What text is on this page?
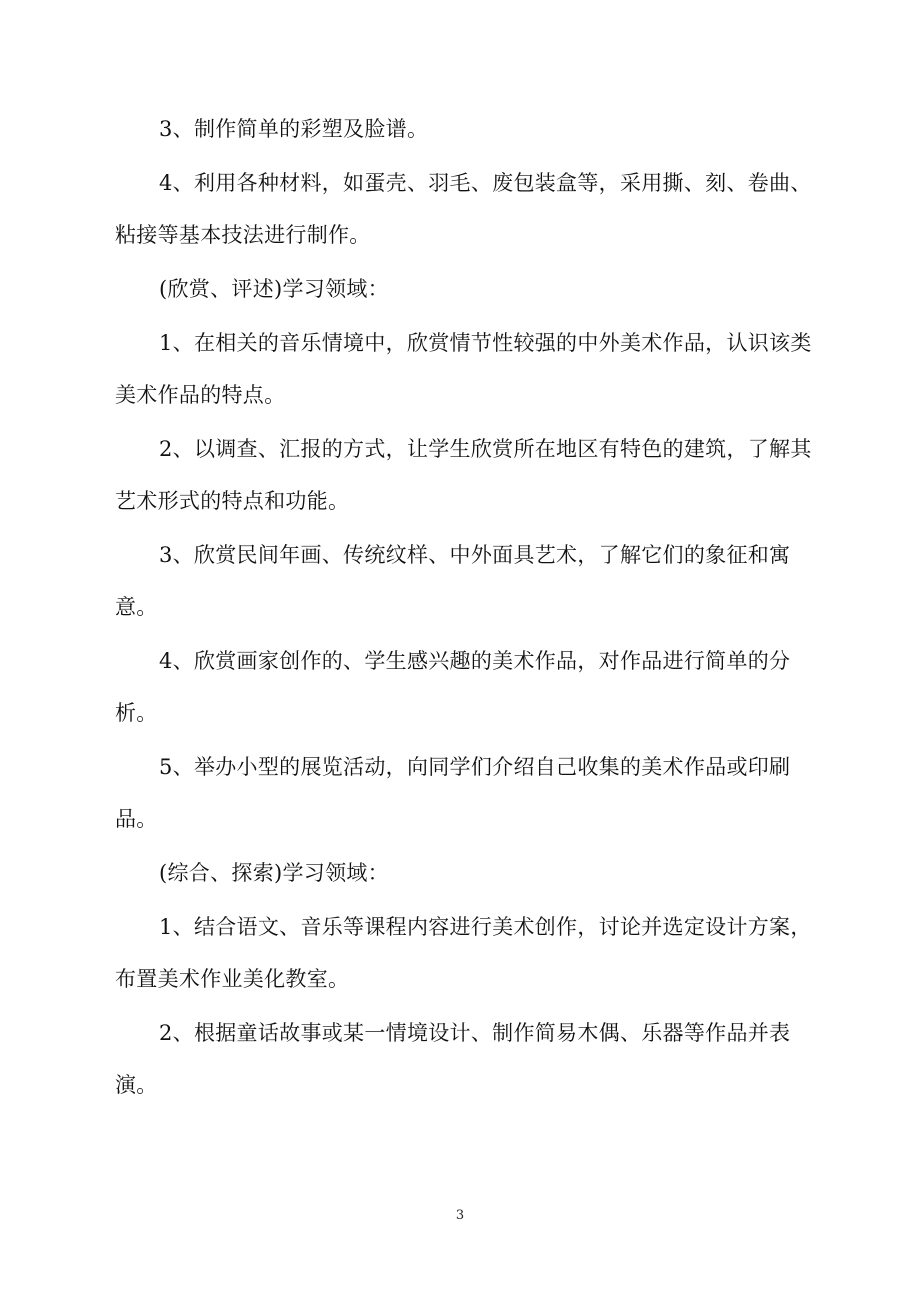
3、制作简单的彩塑及脸谱。

4、利用各种材料，如蛋壳、羽毛、废包装盒等，采用撕、刻、卷曲、粘接等基本技法进行制作。

(欣赏、评述)学习领域：

1、在相关的音乐情境中，欣赏情节性较强的中外美术作品，认识该类美术作品的特点。

2、以调查、汇报的方式，让学生欣赏所在地区有特色的建筑，了解其艺术形式的特点和功能。

3、欣赏民间年画、传统纹样、中外面具艺术，了解它们的象征和寓意。

4、欣赏画家创作的、学生感兴趣的美术作品，对作品进行简单的分析。

5、举办小型的展览活动，向同学们介绍自己收集的美术作品或印刷品。

(综合、探索)学习领域：

1、结合语文、音乐等课程内容进行美术创作，讨论并选定设计方案，布置美术作业美化教室。

2、根据童话故事或某一情境设计、制作简易木偶、乐器等作品并表演。

3
